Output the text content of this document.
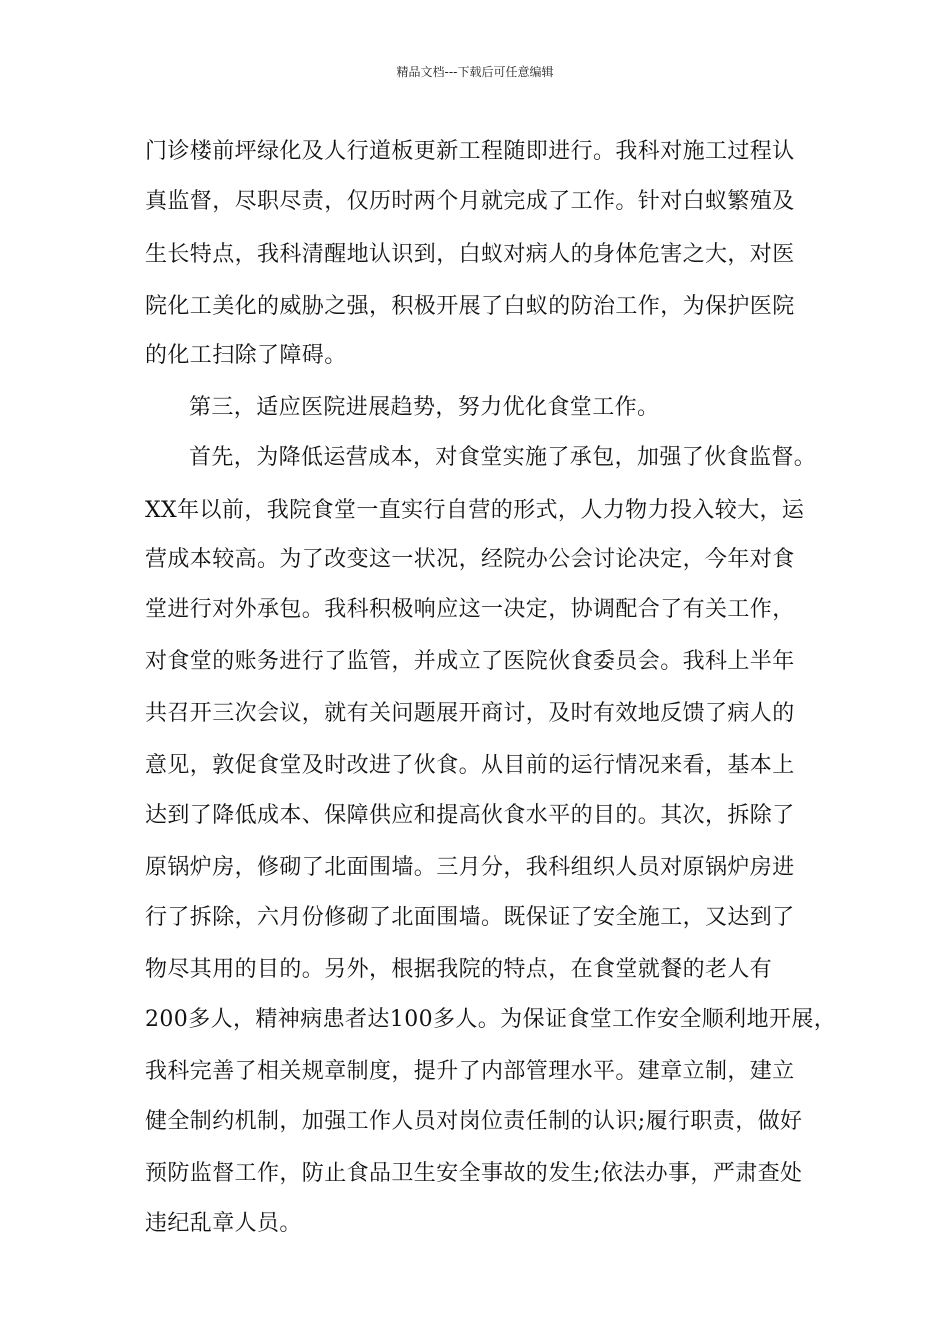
精品文档---下载后可任意编辑
门诊楼前坪绿化及人行道板更新工程随即进行。我科对施工过程认
真监督，尽职尽责，仅历时两个月就完成了工作。针对白蚁繁殖及
生长特点，我科清醒地认识到，白蚁对病人的身体危害之大，对医
院化工美化的威胁之强，积极开展了白蚁的防治工作，为保护医院
的化工扫除了障碍。
第三，适应医院进展趋势，努力优化食堂工作。
首先，为降低运营成本，对食堂实施了承包，加强了伙食监督。
XX年以前，我院食堂一直实行自营的形式，人力物力投入较大，运
营成本较高。为了改变这一状况，经院办公会讨论决定，今年对食
堂进行对外承包。我科积极响应这一决定，协调配合了有关工作，
对食堂的账务进行了监管，并成立了医院伙食委员会。我科上半年
共召开三次会议，就有关问题展开商讨，及时有效地反馈了病人的
意见，敦促食堂及时改进了伙食。从目前的运行情况来看，基本上
达到了降低成本、保障供应和提高伙食水平的目的。其次，拆除了
原锅炉房，修砌了北面围墙。三月分，我科组织人员对原锅炉房进
行了拆除，六月份修砌了北面围墙。既保证了安全施工，又达到了
物尽其用的目的。另外，根据我院的特点，在食堂就餐的老人有
200多人，精神病患者达100多人。为保证食堂工作安全顺利地开展，
我科完善了相关规章制度，提升了内部管理水平。建章立制，建立
健全制约机制，加强工作人员对岗位责任制的认识;履行职责，做好
预防监督工作，防止食品卫生安全事故的发生;依法办事，严肃查处
违纪乱章人员。
